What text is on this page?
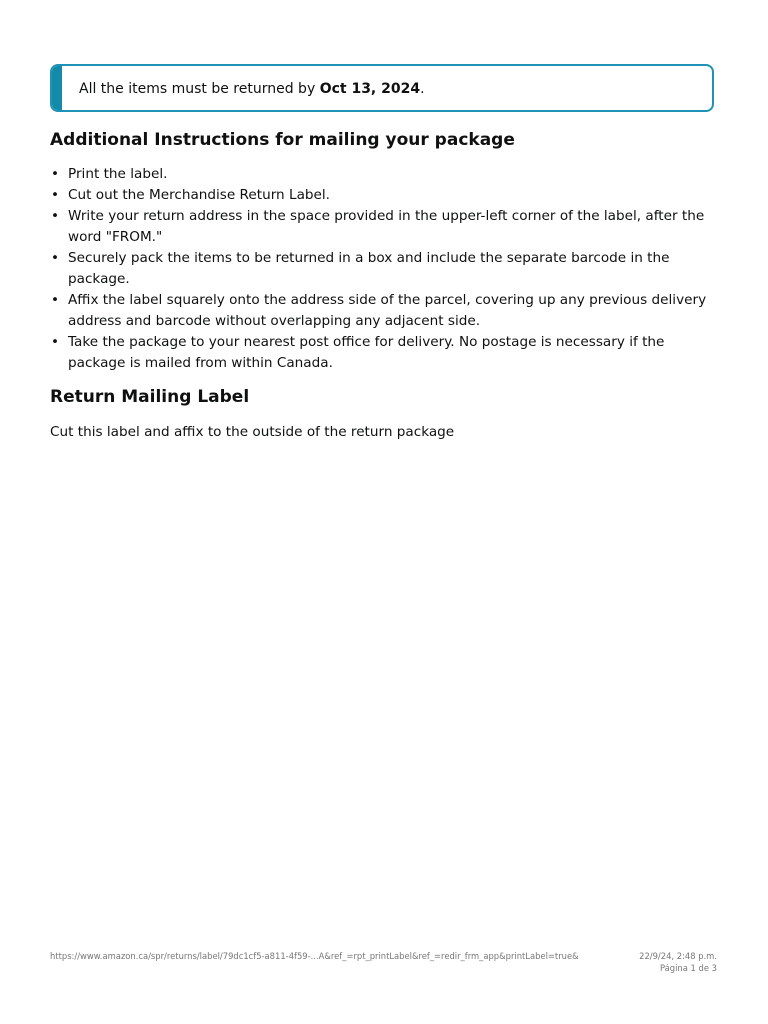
All the items must be returned by Oct 13, 2024.
Additional Instructions for mailing your package
• Print the label.
• Cut out the Merchandise Return Label.
• Write your return address in the space provided in the upper-left corner of the label, after the word "FROM."
• Securely pack the items to be returned in a box and include the separate barcode in the package.
• Affix the label squarely onto the address side of the parcel, covering up any previous delivery address and barcode without overlapping any adjacent side.
• Take the package to your nearest post office for delivery. No postage is necessary if the package is mailed from within Canada.
Return Mailing Label
Cut this label and affix to the outside of the return package
https://www.amazon.ca/spr/returns/label/79dc1cf5-a811-4f59-...A&ref_=rpt_printLabel&ref_=redir_frm_app&printLabel=true&	22/9/24, 2:48 p.m.
Página 1 de 3
